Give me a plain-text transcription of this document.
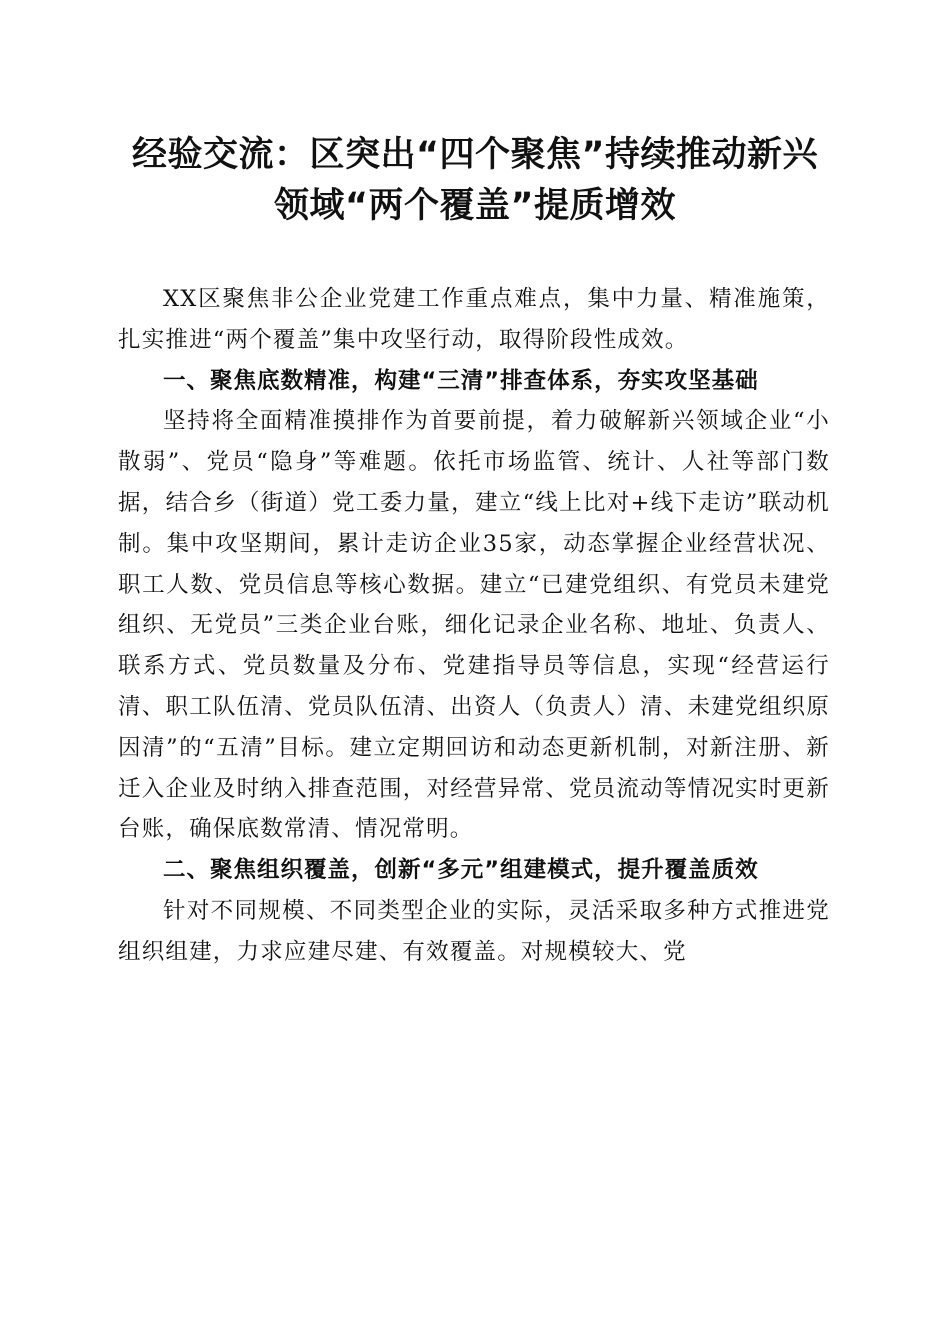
经验交流：区突出“四个聚焦”持续推动新兴
领域“两个覆盖”提质增效

XX区聚焦非公企业党建工作重点难点，集中力量、精准施策，扎实推进“两个覆盖”集中攻坚行动，取得阶段性成效。

一、聚焦底数精准，构建“三清”排查体系，夯实攻坚基础

坚持将全面精准摸排作为首要前提，着力破解新兴领域企业“小散弱”、党员“隐身”等难题。依托市场监管、统计、人社等部门数据，结合乡（街道）党工委力量，建立“线上比对+线下走访”联动机制。集中攻坚期间，累计走访企业35家，动态掌握企业经营状况、职工人数、党员信息等核心数据。建立“已建党组织、有党员未建党组织、无党员”三类企业台账，细化记录企业名称、地址、负责人、联系方式、党员数量及分布、党建指导员等信息，实现“经营运行清、职工队伍清、党员队伍清、出资人（负责人）清、未建党组织原因清”的“五清”目标。建立定期回访和动态更新机制，对新注册、新迁入企业及时纳入排查范围，对经营异常、党员流动等情况实时更新台账，确保底数常清、情况常明。

二、聚焦组织覆盖，创新“多元”组建模式，提升覆盖质效

针对不同规模、不同类型企业的实际，灵活采取多种方式推进党组织组建，力求应建尽建、有效覆盖。对规模较大、党
